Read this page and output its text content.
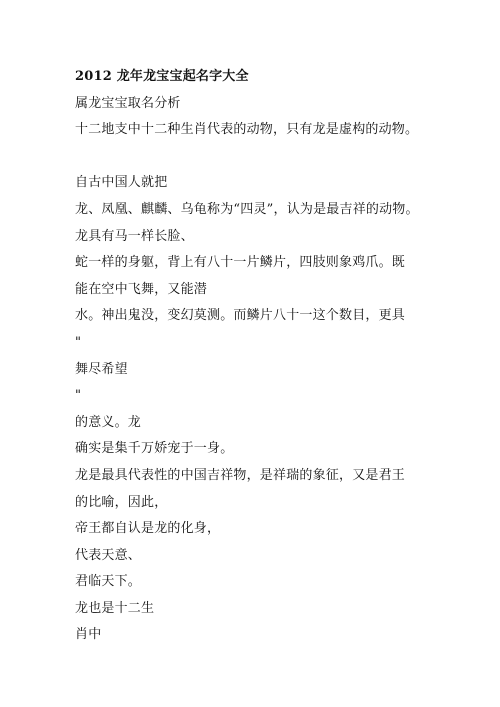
2012 龙年龙宝宝起名字大全
属龙宝宝取名分析
十二地支中十二种生肖代表的动物，只有龙是虚构的动物。
自古中国人就把
龙、凤凰、麒麟、乌龟称为“四灵”，认为是最吉祥的动物。
龙具有马一样长脸、
蛇一样的身躯，背上有八十一片鳞片，四肢则象鸡爪。既
能在空中飞舞，又能潜
水。神出鬼没，变幻莫测。而鳞片八十一这个数目，更具
"
舞尽希望
"
的意义。龙
确实是集千万娇宠于一身。
龙是最具代表性的中国吉祥物，是祥瑞的象征，又是君王
的比喻，因此，
帝王都自认是龙的化身，
代表天意、
君临天下。
龙也是十二生
肖中
